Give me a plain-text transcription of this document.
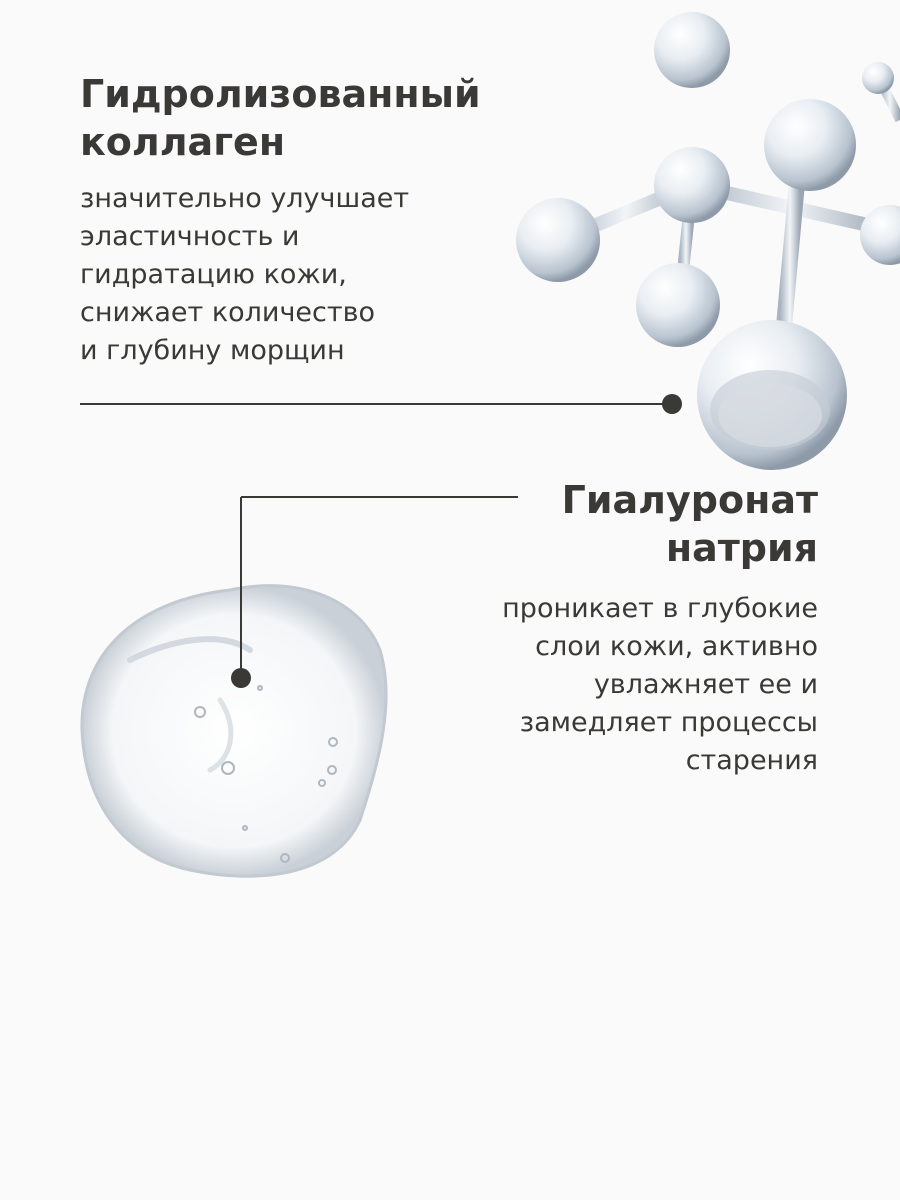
Гидролизованный
коллаген

значительно улучшает
эластичность и
гидратацию кожи,
снижает количество
и глубину морщин

Гиалуронат
натрия

проникает в глубокие
слои кожи, активно
увлажняет ее и
замедляет процессы
старения
